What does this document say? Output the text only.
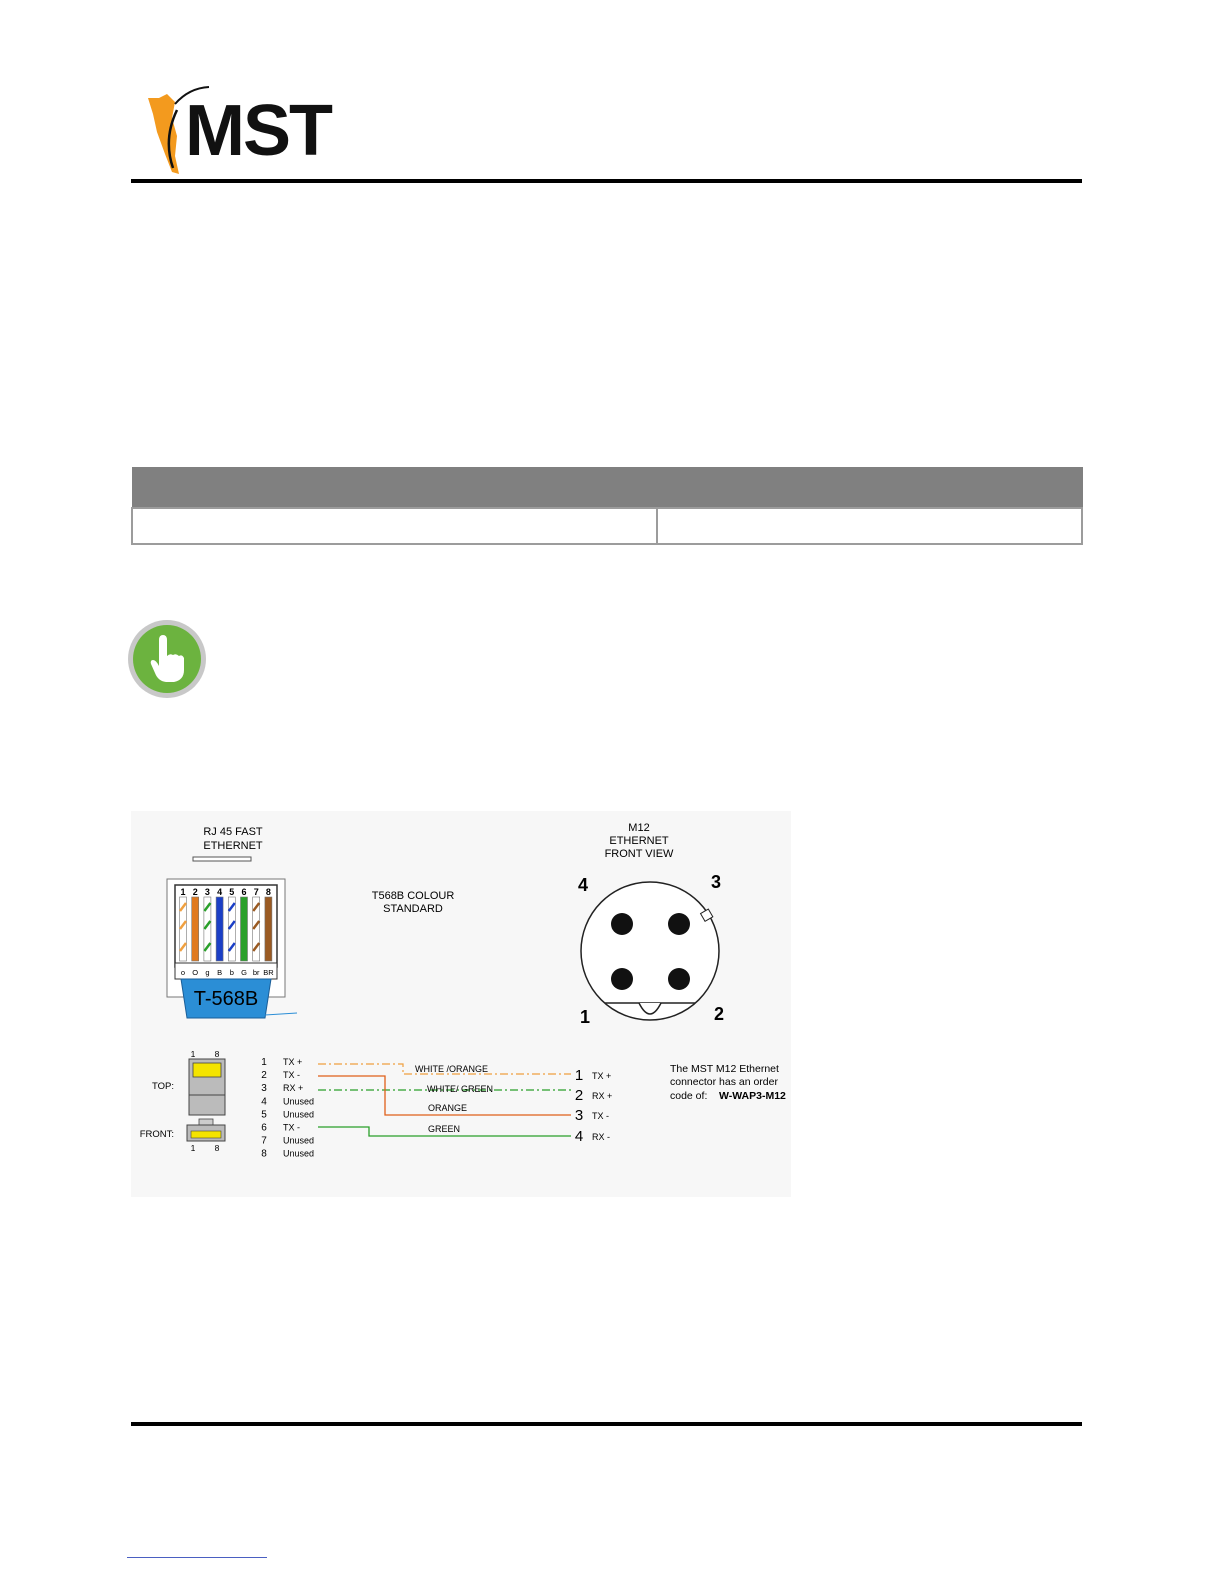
MST

RJ 45 FAST
ETHERNET
1 2 3 4 5 6 7 8
o O g B b G br BR
T-568B
T568B COLOUR
STANDARD
M12
ETHERNET
FRONT VIEW
4	3
1	2
1 8
TOP:
FRONT:
1 8
1 TX +
2 TX -
3 RX +
4 Unused
5 Unused
6 TX -
7 Unused
8 Unused
WHITE /ORANGE
WHITE/ GREEN
ORANGE
GREEN
1 TX +
2 RX +
3 TX -
4 RX -
The MST M12 Ethernet
connector has an order
code of: W-WAP3-M12
